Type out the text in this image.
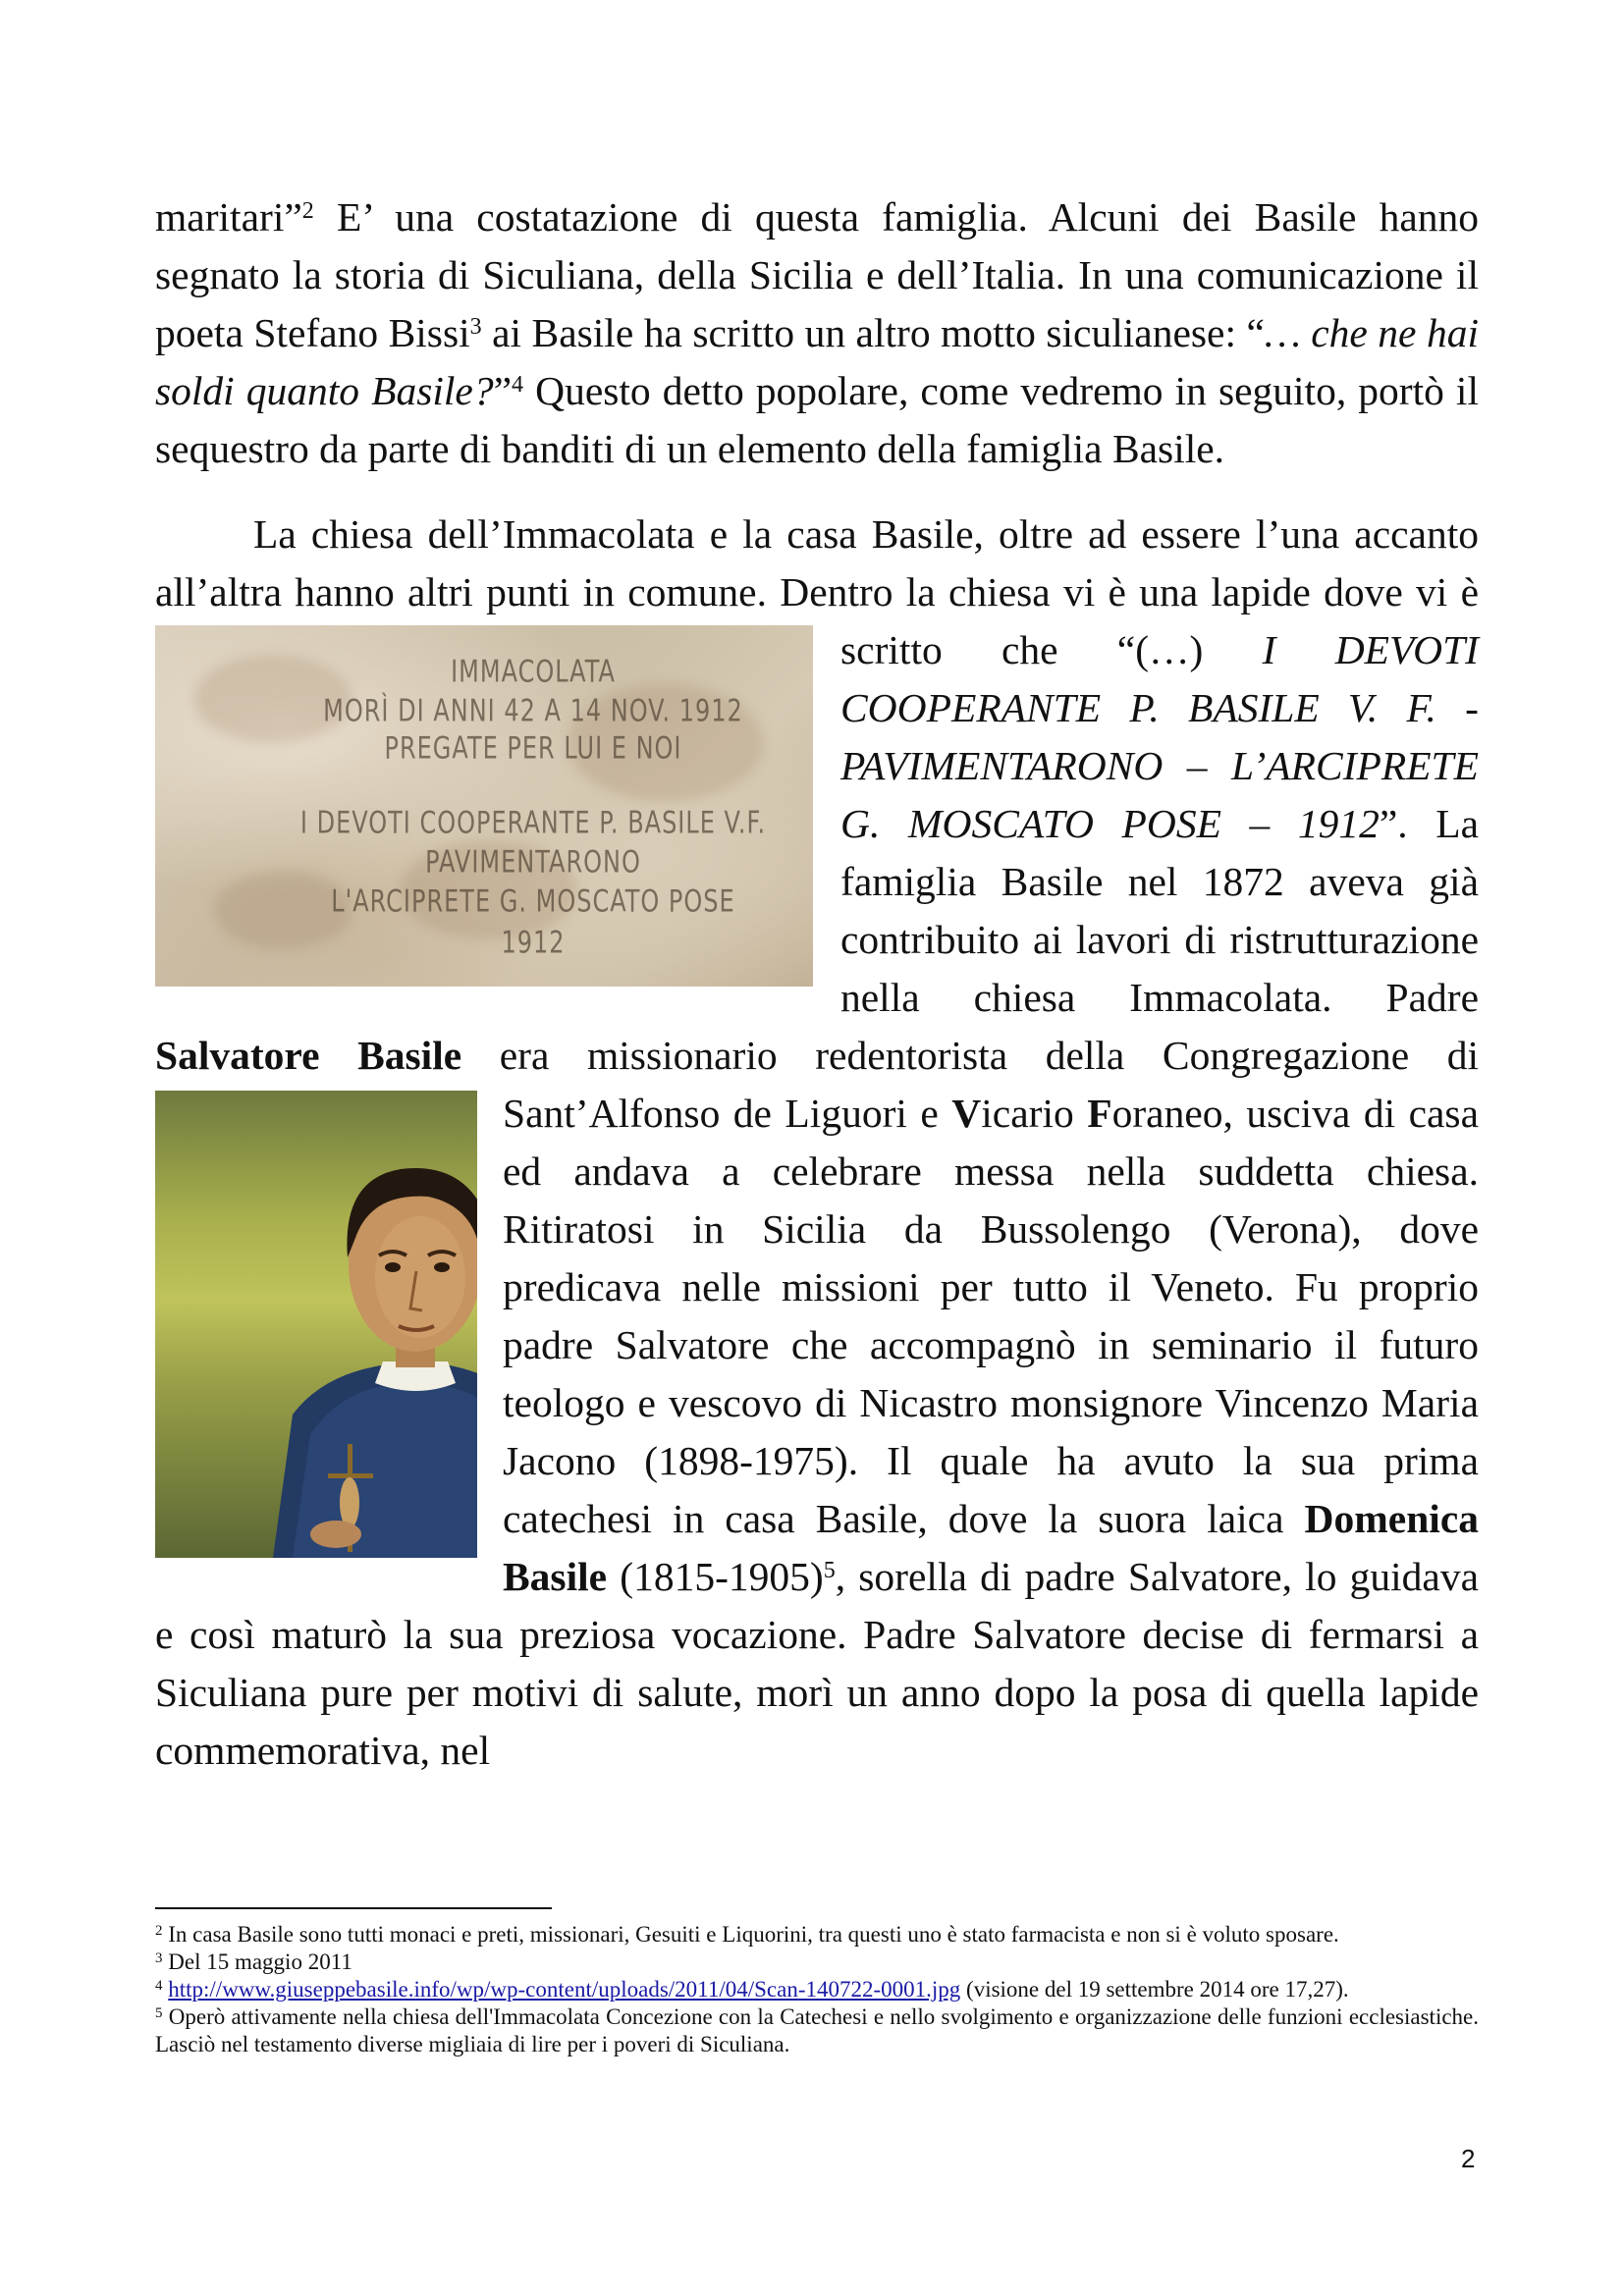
maritari”$^2$ E’ una costatazione di questa famiglia. Alcuni dei Basile hanno segnato la storia di Siculiana, della Sicilia e dell’Italia. In una comunicazione il poeta Stefano Bissi$^3$ ai Basile ha scritto un altro motto siculianese: “… che ne hai soldi quanto Basile?”$^4$ Questo detto popolare, come vedremo in seguito, portò il sequestro da parte di banditi di un elemento della famiglia Basile.

La chiesa dell’Immacolata e la casa Basile, oltre ad essere l’una accanto all’altra hanno altri punti in comune. Dentro la chiesa vi è una lapide dove vi è scritto che “(…)
IMMACOLATA
MORÌ DI ANNI 42 A 14 NOV. 1912
PREGATE PER LUI E NOI
I DEVOTI COOPERANTE P. BASILE V.F.
PAVIMENTARONO
L'ARCIPRETE G. MOSCATO POSE
1912
I DEVOTI COOPERANTE P. BASILE V. F. - PAVIMENTARONO – L’ARCIPRETE G. MOSCATO POSE – 1912”. La famiglia Basile nel 1872 aveva già contribuito ai lavori di ristrutturazione nella chiesa Immacolata. Padre Salvatore Basile era missionario redentorista della Congregazione di Sant’Alfonso de Liguori e
Vicario Foraneo, usciva di casa ed andava a celebrare messa nella suddetta chiesa. Ritiratosi in Sicilia da Bussolengo (Verona), dove predicava nelle missioni per tutto il Veneto. Fu proprio padre Salvatore che accompagnò in seminario il futuro teologo e vescovo di Nicastro monsignore Vincenzo Maria Jacono (1898-1975). Il quale ha avuto la sua prima catechesi in casa Basile, dove la suora laica Domenica Basile (1815-1905)$^5$, sorella di padre Salvatore, lo guidava e così maturò la sua preziosa vocazione. Padre Salvatore decise di fermarsi a Siculiana pure per motivi di salute, morì un anno dopo la posa di quella lapide commemorativa, nel

$^2$ In casa Basile sono tutti monaci e preti, missionari, Gesuiti e Liquorini, tra questi uno è stato farmacista e non si è voluto sposare.

$^3$ Del 15 maggio 2011

$^4$ http://www.giuseppebasile.info/wp/wp-content/uploads/2011/04/Scan-140722-0001.jpg (visione del 19 settembre 2014 ore 17,27).

$^5$ Operò attivamente nella chiesa dell'Immacolata Concezione con la Catechesi e nello svolgimento e organizzazione delle funzioni ecclesiastiche. Lasciò nel testamento diverse migliaia di lire per i poveri di Siculiana.

2
